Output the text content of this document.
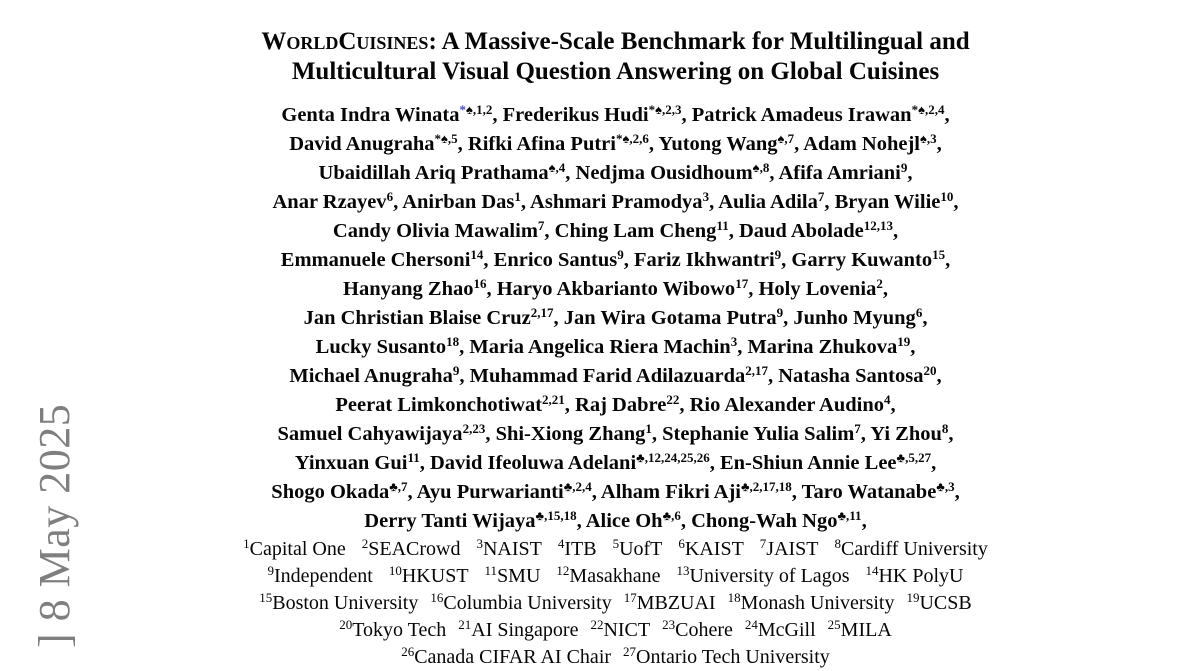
] 8 May 2025
WorldCuisines: A Massive-Scale Benchmark for Multilingual and
Multicultural Visual Question Answering on Global Cuisines
Genta Indra Winata$^{*♠,1,2}$, Frederikus Hudi$^{*♠,2,3}$, Patrick Amadeus Irawan$^{*♠,2,4}$,
David Anugraha$^{*♠,5}$, Rifki Afina Putri$^{*♠,2,6}$, Yutong Wang$^{♠,7}$, Adam Nohejl$^{♠,3}$,
Ubaidillah Ariq Prathama$^{♠,4}$, Nedjma Ousidhoum$^{♠,8}$, Afifa Amriani$^9$,
Anar Rzayev$^6$, Anirban Das$^1$, Ashmari Pramodya$^3$, Aulia Adila$^7$, Bryan Wilie$^{10}$,
Candy Olivia Mawalim$^7$, Ching Lam Cheng$^{11}$, Daud Abolade$^{12,13}$,
Emmanuele Chersoni$^{14}$, Enrico Santus$^9$, Fariz Ikhwantri$^9$, Garry Kuwanto$^{15}$,
Hanyang Zhao$^{16}$, Haryo Akbarianto Wibowo$^{17}$, Holy Lovenia$^2$,
Jan Christian Blaise Cruz$^{2,17}$, Jan Wira Gotama Putra$^9$, Junho Myung$^6$,
Lucky Susanto$^{18}$, Maria Angelica Riera Machin$^3$, Marina Zhukova$^{19}$,
Michael Anugraha$^9$, Muhammad Farid Adilazuarda$^{2,17}$, Natasha Santosa$^{20}$,
Peerat Limkonchotiwat$^{2,21}$, Raj Dabre$^{22}$, Rio Alexander Audino$^4$,
Samuel Cahyawijaya$^{2,23}$, Shi-Xiong Zhang$^1$, Stephanie Yulia Salim$^7$, Yi Zhou$^8$,
Yinxuan Gui$^{11}$, David Ifeoluwa Adelani$^{♣,12,24,25,26}$, En-Shiun Annie Lee$^{♣,5,27}$,
Shogo Okada$^{♣,7}$, Ayu Purwarianti$^{♣,2,4}$, Alham Fikri Aji$^{♣,2,17,18}$, Taro Watanabe$^{♣,3}$,
Derry Tanti Wijaya$^{♣,15,18}$, Alice $Oh^{♣,6}$, Chong-Wah Ngo$^{♣,11}$,
$^1$Capital One $^2$SEACrowd $^3$NAIST $^4$ITB $^5$UofT $^6$KAIST $^7$JAIST $^8$Cardiff University
$^9$Independent $^{10}$HKUST $^{11}$SMU $^{12}$Masakhane $^{13}$University of Lagos $^{14}$HK PolyU
$^{15}$Boston University $^{16}$Columbia University $^{17}$MBZUAI $^{18}$Monash University $^{19}$UCSB
$^{20}$Tokyo Tech $^{21}$AI Singapore $^{22}$NICT $^{23}$Cohere $^{24}$McGill $^{25}$MILA
$^{26}$Canada CIFAR AI Chair $^{27}$Ontario Tech University
